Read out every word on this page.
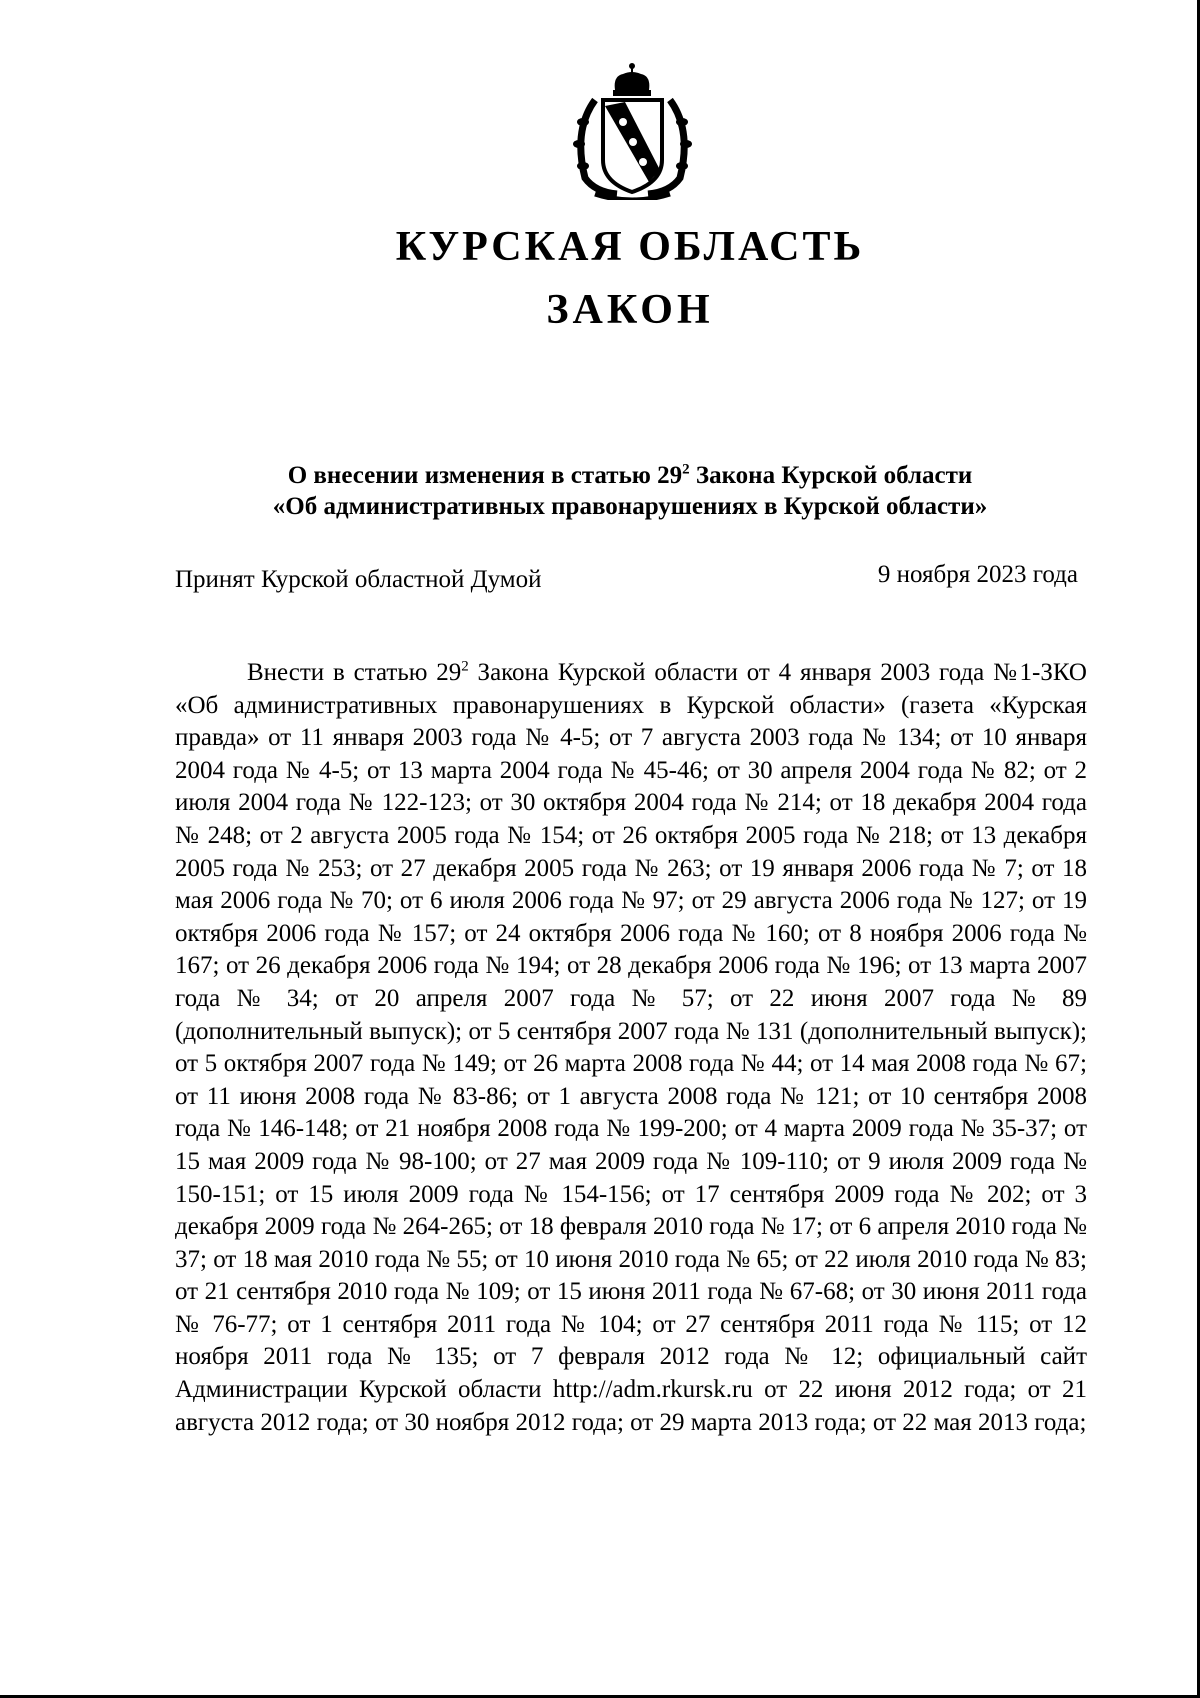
КУРСКАЯ ОБЛАСТЬ
ЗАКОН
О внесении изменения в статью $29^2$ Закона Курской области
«Об административных правонарушениях в Курской области»
Принят Курской областной Думой	9 ноября 2023 года

Внести в статью $29^2$ Закона Курской области от 4 января 2003 года №1-ЗКО «Об административных правонарушениях в Курской области» (газета «Курская правда» от 11 января 2003 года № 4-5; от 7 августа 2003 года № 134; от 10 января 2004 года № 4-5; от 13 марта 2004 года № 45-46; от 30 апреля 2004 года № 82; от 2 июля 2004 года № 122-123; от 30 октября 2004 года № 214; от 18 декабря 2004 года № 248; от 2 августа 2005 года № 154; от 26 октября 2005 года № 218; от 13 декабря 2005 года № 253; от 27 декабря 2005 года № 263; от 19 января 2006 года № 7; от 18 мая 2006 года № 70; от 6 июля 2006 года № 97; от 29 августа 2006 года № 127; от 19 октября 2006 года № 157; от 24 октября 2006 года № 160; от 8 ноября 2006 года № 167; от 26 декабря 2006 года № 194; от 28 декабря 2006 года № 196; от 13 марта 2007 года № 34; от 20 апреля 2007 года № 57; от 22 июня 2007 года № 89 (дополнительный выпуск); от 5 сентября 2007 года № 131 (дополнительный выпуск); от 5 октября 2007 года № 149; от 26 марта 2008 года № 44; от 14 мая 2008 года № 67; от 11 июня 2008 года № 83-86; от 1 августа 2008 года № 121; от 10 сентября 2008 года № 146-148; от 21 ноября 2008 года № 199-200; от 4 марта 2009 года № 35-37; от 15 мая 2009 года № 98-100; от 27 мая 2009 года № 109-110; от 9 июля 2009 года № 150-151; от 15 июля 2009 года № 154-156; от 17 сентября 2009 года № 202; от 3 декабря 2009 года № 264-265; от 18 февраля 2010 года № 17; от 6 апреля 2010 года № 37; от 18 мая 2010 года № 55; от 10 июня 2010 года № 65; от 22 июля 2010 года № 83; от 21 сентября 2010 года № 109; от 15 июня 2011 года № 67-68; от 30 июня 2011 года № 76-77; от 1 сентября 2011 года № 104; от 27 сентября 2011 года № 115; от 12 ноября 2011 года № 135; от 7 февраля 2012 года № 12; официальный сайт Администрации Курской области http://adm.rkursk.ru от 22 июня 2012 года; от 21 августа 2012 года; от 30 ноября 2012 года; от 29 марта 2013 года; от 22 мая 2013 года;
